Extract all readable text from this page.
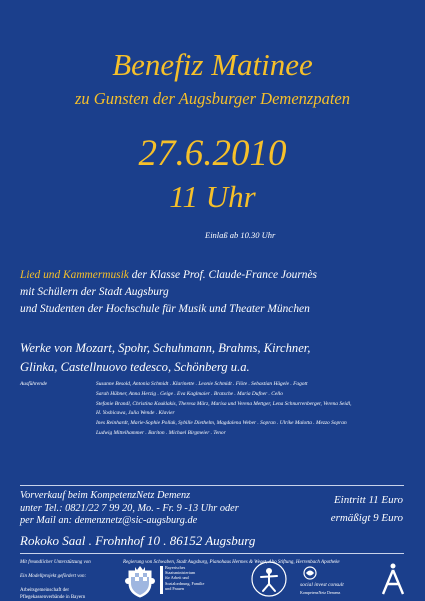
Benefiz Matinee
zu Gunsten der Augsburger Demenzpaten
27.6.2010
11 Uhr
Einlaß ab 10.30 Uhr
Lied und Kammermusik der Klasse Prof. Claude-France Journès
mit Schülern der Stadt Augsburg
und Studenten der Hochschule für Musik und Theater München
Werke von Mozart, Spohr, Schuhmann, Brahms, Kirchner,
Glinka, Castellnuovo tedesco, Schönberg u.a.
Ausführende	Susanne Besold, Antonia Schmidt . Klarinette . Leonie Schmidt . Flöte . Sebastian Hägele . Fagott
Sarah Hübner, Anna Herzig . Geige . Eva Kaglmaier . Bratsche . Maria Dufner . Cello
Stefanie Brandl, Christina Kouklakis, Theresa März, Marisa und Verena Mettger, Lena Schnurrenberger, Verena Seidl,
H. Yoshicawa, Julia Wende . Klavier
Ines Reinhardt, Marie-Sophie Pollak, Sybille Diethelm, Magdalena Weber . Sopran . Ulrike Malotta . Mezzo Sopran
Ludwig Mittelhammer . Bariton . Michael Birgmeier . Tenor
Vorverkauf beim KompetenzNetz Demenz
unter Tel.: 0821/22 7 99 20, Mo. - Fr. 9 -13 Uhr oder
per Mail an: demenznetz@sic-augsburg.de
Eintritt 11 Euro
ermäßigt 9 Euro
Rokoko Saal . Frohnhof 10 . 86152 Augsburg
Mit freundlicher Unterstützung von	Regierung von Schwaben, Stadt Augsburg, Pianohaus Hermes & Weget, Abo Stiftung, Herrenbach Apotheke
Ein Modellprojekt gefördert von:
Arbeitsgemeinschaft der
Pflegekassenverbände in Bayern
Bayerisches
Staatsministerium
für Arbeit und
Sozialordnung, Familie
und Frauen
social invest consult
KompetenzNetz Demenz
